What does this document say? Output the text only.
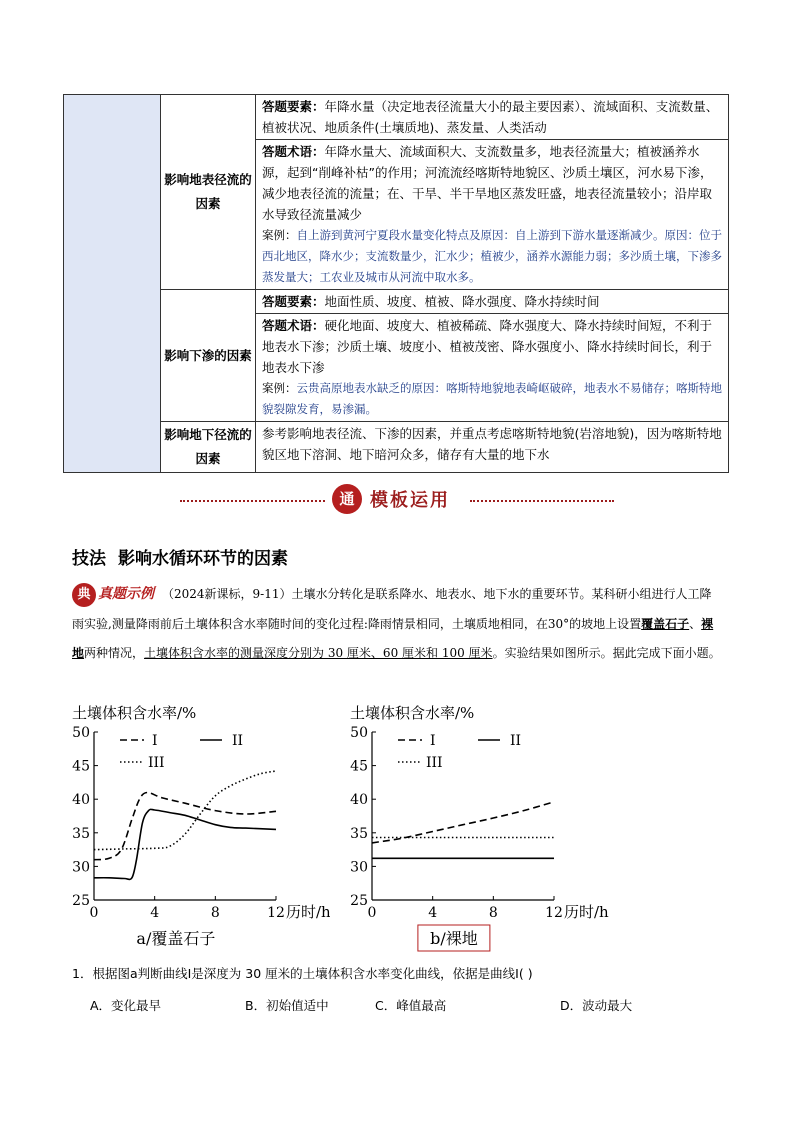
	影响地表径流的因素	答题要素：年降水量（决定地表径流量大小的最主要因素）、流域面积、支流数量、植被状况、地质条件(土壤质地)、蒸发量、人类活动

		答题术语：年降水量大、流域面积大、支流数量多，地表径流量大；植被涵养水源，起到“削峰补枯”的作用；河流流经喀斯特地貌区、沙质土壤区，河水易下渗，减少地表径流的流量；在、干旱、半干旱地区蒸发旺盛，地表径流量较小；沿岸取水导致径流量减少
案例：自上游到黄河宁夏段水量变化特点及原因：自上游到下游水量逐渐减少。原因：位于西北地区，降水少；支流数量少，汇水少；植被少，涵养水源能力弱；多沙质土壤，下渗多蒸发量大；工农业及城市从河流中取水多。

	影响下渗的因素	答题要素：地面性质、坡度、植被、降水强度、降水持续时间

		答题术语：硬化地面、坡度大、植被稀疏、降水强度大、降水持续时间短，不利于地表水下渗；沙质土壤、坡度小、植被茂密、降水强度小、降水持续时间长，利于地表水下渗
案例：云贵高原地表水缺乏的原因：喀斯特地貌地表崎岖破碎，地表水不易储存；喀斯特地貌裂隙发育，易渗漏。

	影响地下径流的因素	参考影响地表径流、下渗的因素，并重点考虑喀斯特地貌(岩溶地貌)，因为喀斯特地貌区地下溶洞、地下暗河众多，储存有大量的地下水
通 模板运用
技法 影响水循环环节的因素
典 真题示例 （2024新课标，9-11）土壤水分转化是联系降水、地表水、地下水的重要环节。某科研小组进行人工降雨实验,测量降雨前后土壤体积含水率随时间的变化过程:降雨情景相同，土壤质地相同，在30°的坡地上设置覆盖石子、裸地两种情况，土壤体积含水率的测量深度分别为 30 厘米、60 厘米和 100 厘米。实验结果如图所示。据此完成下面小题。
土壤体积含水率/%
25
30
35
40
45
50
0	4	8	12 历时/h
I	II
III
a/覆盖石子
土壤体积含水率/%
25
30
35
40
45
50
0	4	8	12 历时/h
I	II
III
b/裸地
1．根据图a判断曲线Ⅰ是深度为 30 厘米的土壤体积含水率变化曲线，依据是曲线Ⅰ( )
A．变化最早	B．初始值适中	C．峰值最高	D．波动最大
